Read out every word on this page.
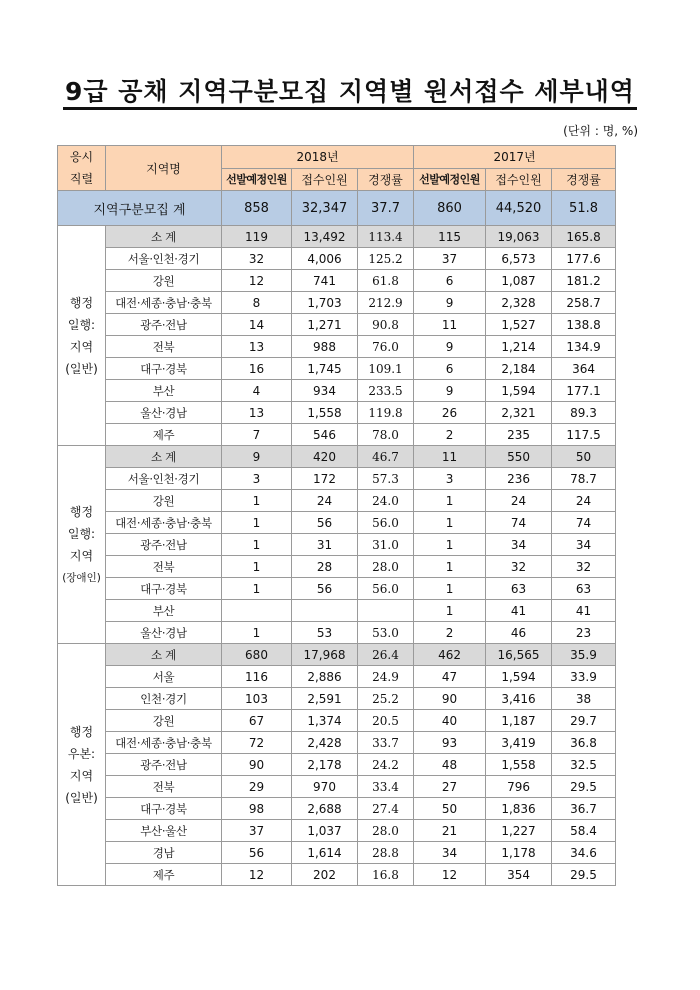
9급 공채 지역구분모집 지역별 원서접수 세부내역
(단위 : 명, %)
응시
직렬	지역명	2018년			2017년		
		선발예정인원	접수인원	경쟁률	선발예정인원	접수인원	경쟁률
지역구분모집 계		858	32,347	37.7	860	44,520	51.8

행정
일행:
지역
(일반)	소 계	119	13,492	113.4	115	19,063	165.8
	서울·인천·경기	32	4,006	125.2	37	6,573	177.6
	강원	12	741	61.8	6	1,087	181.2
	대전·세종·충남·충북	8	1,703	212.9	9	2,328	258.7
	광주·전남	14	1,271	90.8	11	1,527	138.8
	전북	13	988	76.0	9	1,214	134.9
	대구·경북	16	1,745	109.1	6	2,184	364
	부산	4	934	233.5	9	1,594	177.1
	울산·경남	13	1,558	119.8	26	2,321	89.3
	제주	7	546	78.0	2	235	117.5

행정
일행:
지역
(장애인)	소 계	9	420	46.7	11	550	50
	서울·인천·경기	3	172	57.3	3	236	78.7
	강원	1	24	24.0	1	24	24
	대전·세종·충남·충북	1	56	56.0	1	74	74
	광주·전남	1	31	31.0	1	34	34
	전북	1	28	28.0	1	32	32
	대구·경북	1	56	56.0	1	63	63
	부산				1	41	41
	울산·경남	1	53	53.0	2	46	23

행정
우본:
지역
(일반)	소 계	680	17,968	26.4	462	16,565	35.9
	서울	116	2,886	24.9	47	1,594	33.9
	인천·경기	103	2,591	25.2	90	3,416	38
	강원	67	1,374	20.5	40	1,187	29.7
	대전·세종·충남·충북	72	2,428	33.7	93	3,419	36.8
	광주·전남	90	2,178	24.2	48	1,558	32.5
	전북	29	970	33.4	27	796	29.5
	대구·경북	98	2,688	27.4	50	1,836	36.7
	부산·울산	37	1,037	28.0	21	1,227	58.4
	경남	56	1,614	28.8	34	1,178	34.6
	제주	12	202	16.8	12	354	29.5
